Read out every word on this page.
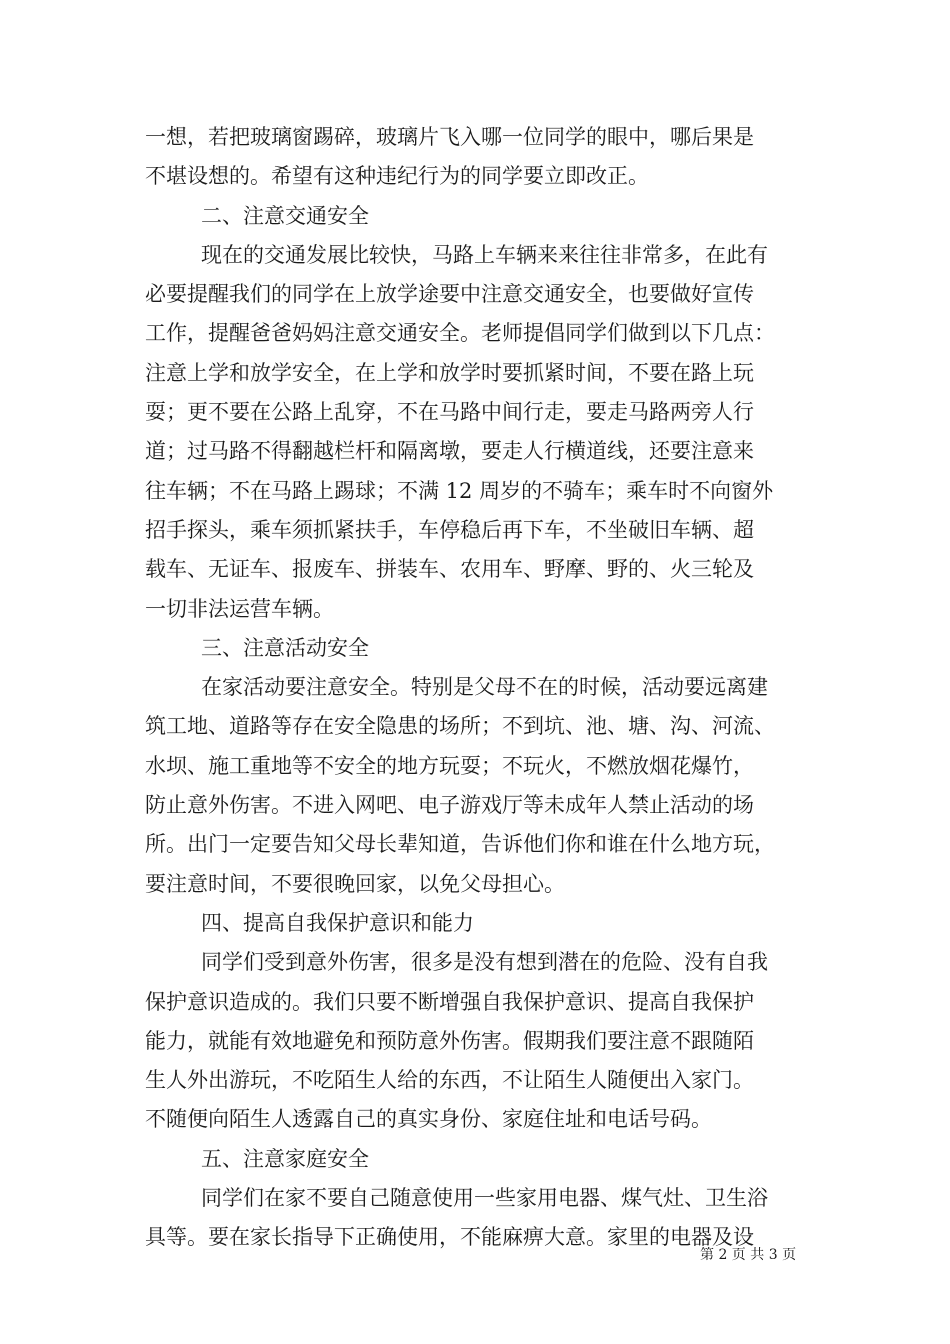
一想，若把玻璃窗踢碎，玻璃片飞入哪一位同学的眼中，哪后果是
不堪设想的。希望有这种违纪行为的同学要立即改正。
二、注意交通安全
现在的交通发展比较快，马路上车辆来来往往非常多，在此有
必要提醒我们的同学在上放学途要中注意交通安全，也要做好宣传
工作，提醒爸爸妈妈注意交通安全。老师提倡同学们做到以下几点：
注意上学和放学安全，在上学和放学时要抓紧时间，不要在路上玩
耍；更不要在公路上乱穿，不在马路中间行走，要走马路两旁人行
道；过马路不得翻越栏杆和隔离墩，要走人行横道线，还要注意来
往车辆；不在马路上踢球；不满 12 周岁的不骑车；乘车时不向窗外
招手探头，乘车须抓紧扶手，车停稳后再下车，不坐破旧车辆、超
载车、无证车、报废车、拼装车、农用车、野摩、野的、火三轮及
一切非法运营车辆。
三、注意活动安全
在家活动要注意安全。特别是父母不在的时候，活动要远离建
筑工地、道路等存在安全隐患的场所；不到坑、池、塘、沟、河流、
水坝、施工重地等不安全的地方玩耍；不玩火，不燃放烟花爆竹，
防止意外伤害。不进入网吧、电子游戏厅等未成年人禁止活动的场
所。出门一定要告知父母长辈知道，告诉他们你和谁在什么地方玩，
要注意时间，不要很晚回家，以免父母担心。
四、提高自我保护意识和能力
同学们受到意外伤害，很多是没有想到潜在的危险、没有自我
保护意识造成的。我们只要不断增强自我保护意识、提高自我保护
能力，就能有效地避免和预防意外伤害。假期我们要注意不跟随陌
生人外出游玩，不吃陌生人给的东西，不让陌生人随便出入家门。
不随便向陌生人透露自己的真实身份、家庭住址和电话号码。
五、注意家庭安全
同学们在家不要自己随意使用一些家用电器、煤气灶、卫生浴
具等。要在家长指导下正确使用，不能麻痹大意。家里的电器及设
第 2 页 共 3 页
